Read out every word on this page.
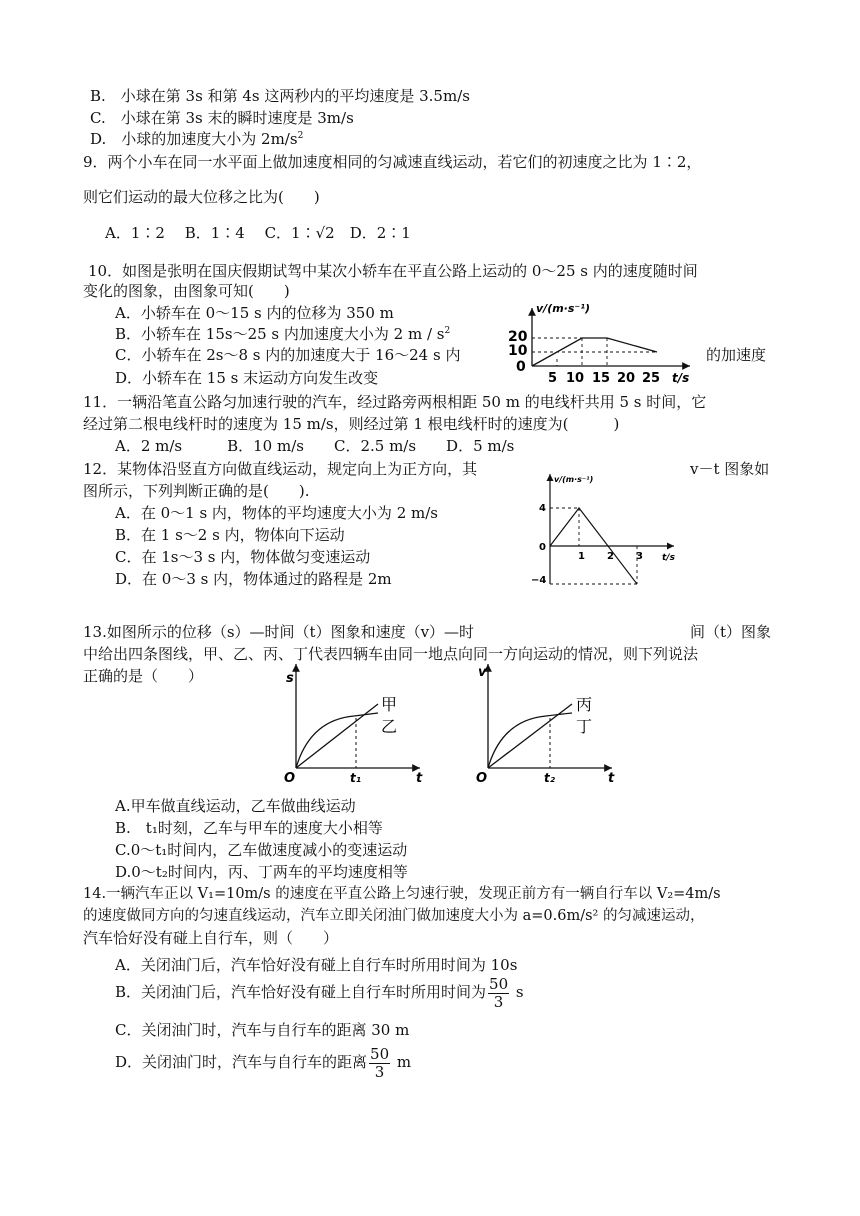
B.　小球在第 3s 和第 4s 这两秒内的平均速度是 3.5m/s
C.　小球在第 3s 末的瞬时速度是 3m/s
D.　小球的加速度大小为 $2m/s^2$
9．两个小车在同一水平面上做加速度相同的匀减速直线运动，若它们的初速度之比为 1∶2，
则它们运动的最大位移之比为(　　)
A．1∶2　 B．1∶4　 C．1∶√2　D．2∶1
10．如图是张明在国庆假期试驾中某次小轿车在平直公路上运动的 0～25 s 内的速度随时间
变化的图象，由图象可知(　　)
A．小轿车在 0～15 s 内的位移为 350 m
B．小轿车在 15s～25 s 内加速度大小为 2 m / $s^2$
C．小轿车在 2s～8 s 内的加速度大于 16～24 s 内	的加速度
D．小轿车在 15 s 末运动方向发生改变
v/(m·s⁻¹)
t/s
20
10
0
5 10 15 20 25
11．一辆沿笔直公路匀加速行驶的汽车，经过路旁两根相距 50 m 的电线杆共用 5 s 时间，它
经过第二根电线杆时的速度为 15 m/s，则经过第 1 根电线杆时的速度为(　　　)
A．2 m/s　　　B．10 m/s　　C．2.5 m/s　　D．5 m/s
12．某物体沿竖直方向做直线运动，规定向上为正方向，其	v－t 图象如
图所示，下列判断正确的是(　　).
A．在 0～1 s 内，物体的平均速度大小为 2 m/s
B．在 1 s～2 s 内，物体向下运动
C．在 1s～3 s 内，物体做匀变速运动
D．在 0～3 s 内，物体通过的路程是 2m
v/(m·s⁻¹)
t/s
4
0
−4
1 2 3
13.如图所示的位移（s）—时间（t）图象和速度（v）—时	间（t）图象
中给出四条图线，甲、乙、丙、丁代表四辆车由同一地点向同一方向运动的情况，则下列说法
正确的是（　　）	s
t
O	t₁
甲
乙
v
t
O	t₂
丙
丁
A.甲车做直线运动，乙车做曲线运动
B.　t₁时刻，乙车与甲车的速度大小相等
C.0～t₁时间内，乙车做速度减小的变速运动
D.0～t₂时间内，丙、丁两车的平均速度相等
14.一辆汽车正以 V₁=10m/s 的速度在平直公路上匀速行驶，发现正前方有一辆自行车以 V₂=4m/s
的速度做同方向的匀速直线运动，汽车立即关闭油门做加速度大小为 a=0.6m/s² 的匀减速运动，
汽车恰好没有碰上自行车，则（　　）
A．关闭油门后，汽车恰好没有碰上自行车时所用时间为 10s
B．关闭油门后，汽车恰好没有碰上自行车时所用时间为 $\frac{50}{3}$ s
C．关闭油门时，汽车与自行车的距离 30 m
D．关闭油门时，汽车与自行车的距离 $\frac{50}{3}$ m
